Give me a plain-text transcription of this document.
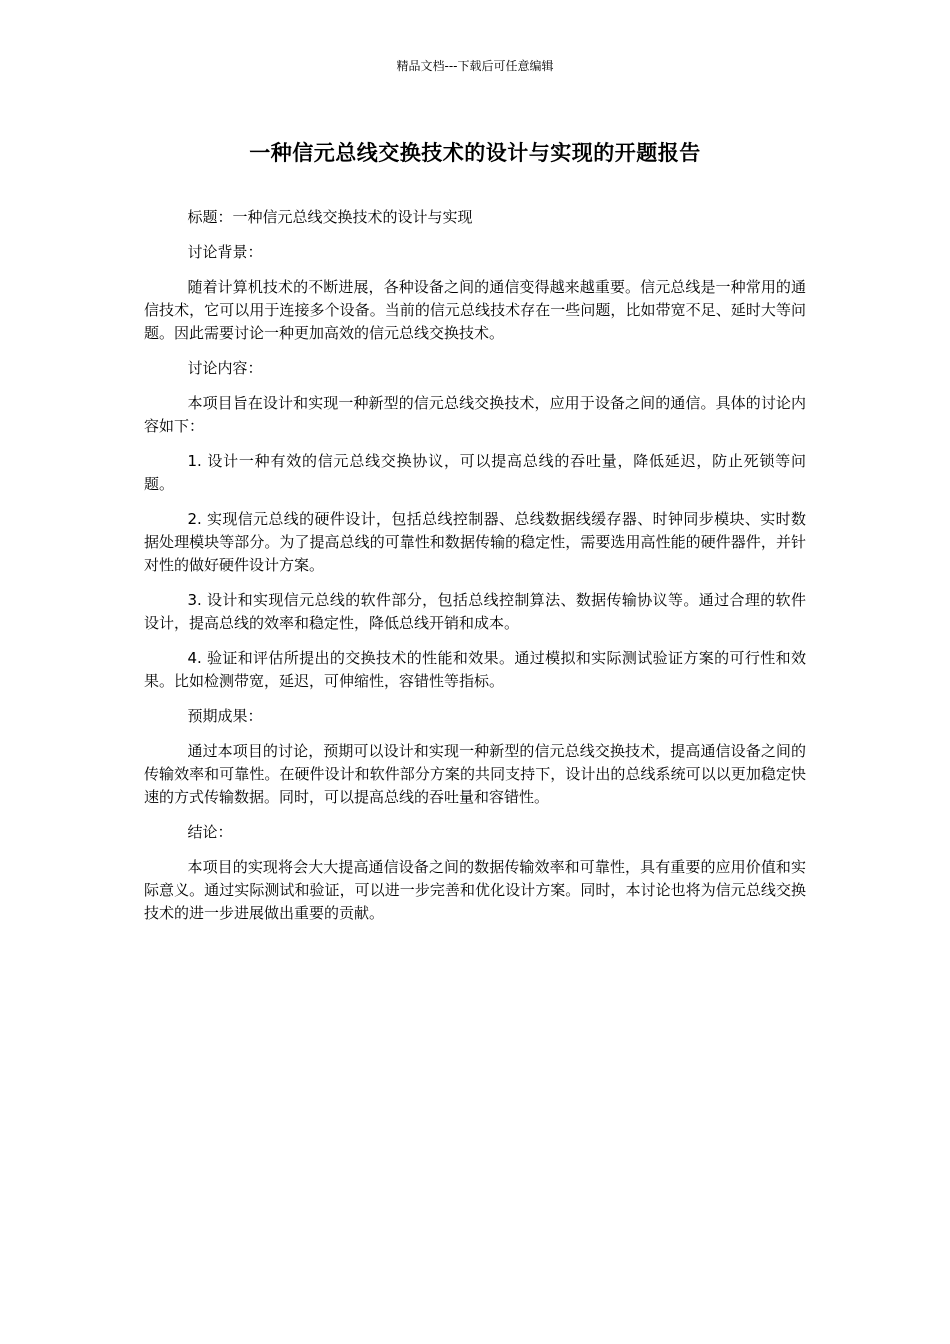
精品文档---下载后可任意编辑
一种信元总线交换技术的设计与实现的开题报告

标题：一种信元总线交换技术的设计与实现

讨论背景：

随着计算机技术的不断进展，各种设备之间的通信变得越来越重要。信元总线是一种常用的通信技术，它可以用于连接多个设备。当前的信元总线技术存在一些问题，比如带宽不足、延时大等问题。因此需要讨论一种更加高效的信元总线交换技术。

讨论内容：

本项目旨在设计和实现一种新型的信元总线交换技术，应用于设备之间的通信。具体的讨论内容如下：

1. 设计一种有效的信元总线交换协议，可以提高总线的吞吐量，降低延迟，防止死锁等问题。

2. 实现信元总线的硬件设计，包括总线控制器、总线数据线缓存器、时钟同步模块、实时数据处理模块等部分。为了提高总线的可靠性和数据传输的稳定性，需要选用高性能的硬件器件，并针对性的做好硬件设计方案。

3. 设计和实现信元总线的软件部分，包括总线控制算法、数据传输协议等。通过合理的软件设计，提高总线的效率和稳定性，降低总线开销和成本。

4. 验证和评估所提出的交换技术的性能和效果。通过模拟和实际测试验证方案的可行性和效果。比如检测带宽，延迟，可伸缩性，容错性等指标。

预期成果：

通过本项目的讨论，预期可以设计和实现一种新型的信元总线交换技术，提高通信设备之间的传输效率和可靠性。在硬件设计和软件部分方案的共同支持下，设计出的总线系统可以以更加稳定快速的方式传输数据。同时，可以提高总线的吞吐量和容错性。

结论：

本项目的实现将会大大提高通信设备之间的数据传输效率和可靠性，具有重要的应用价值和实际意义。通过实际测试和验证，可以进一步完善和优化设计方案。同时，本讨论也将为信元总线交换技术的进一步进展做出重要的贡献。
